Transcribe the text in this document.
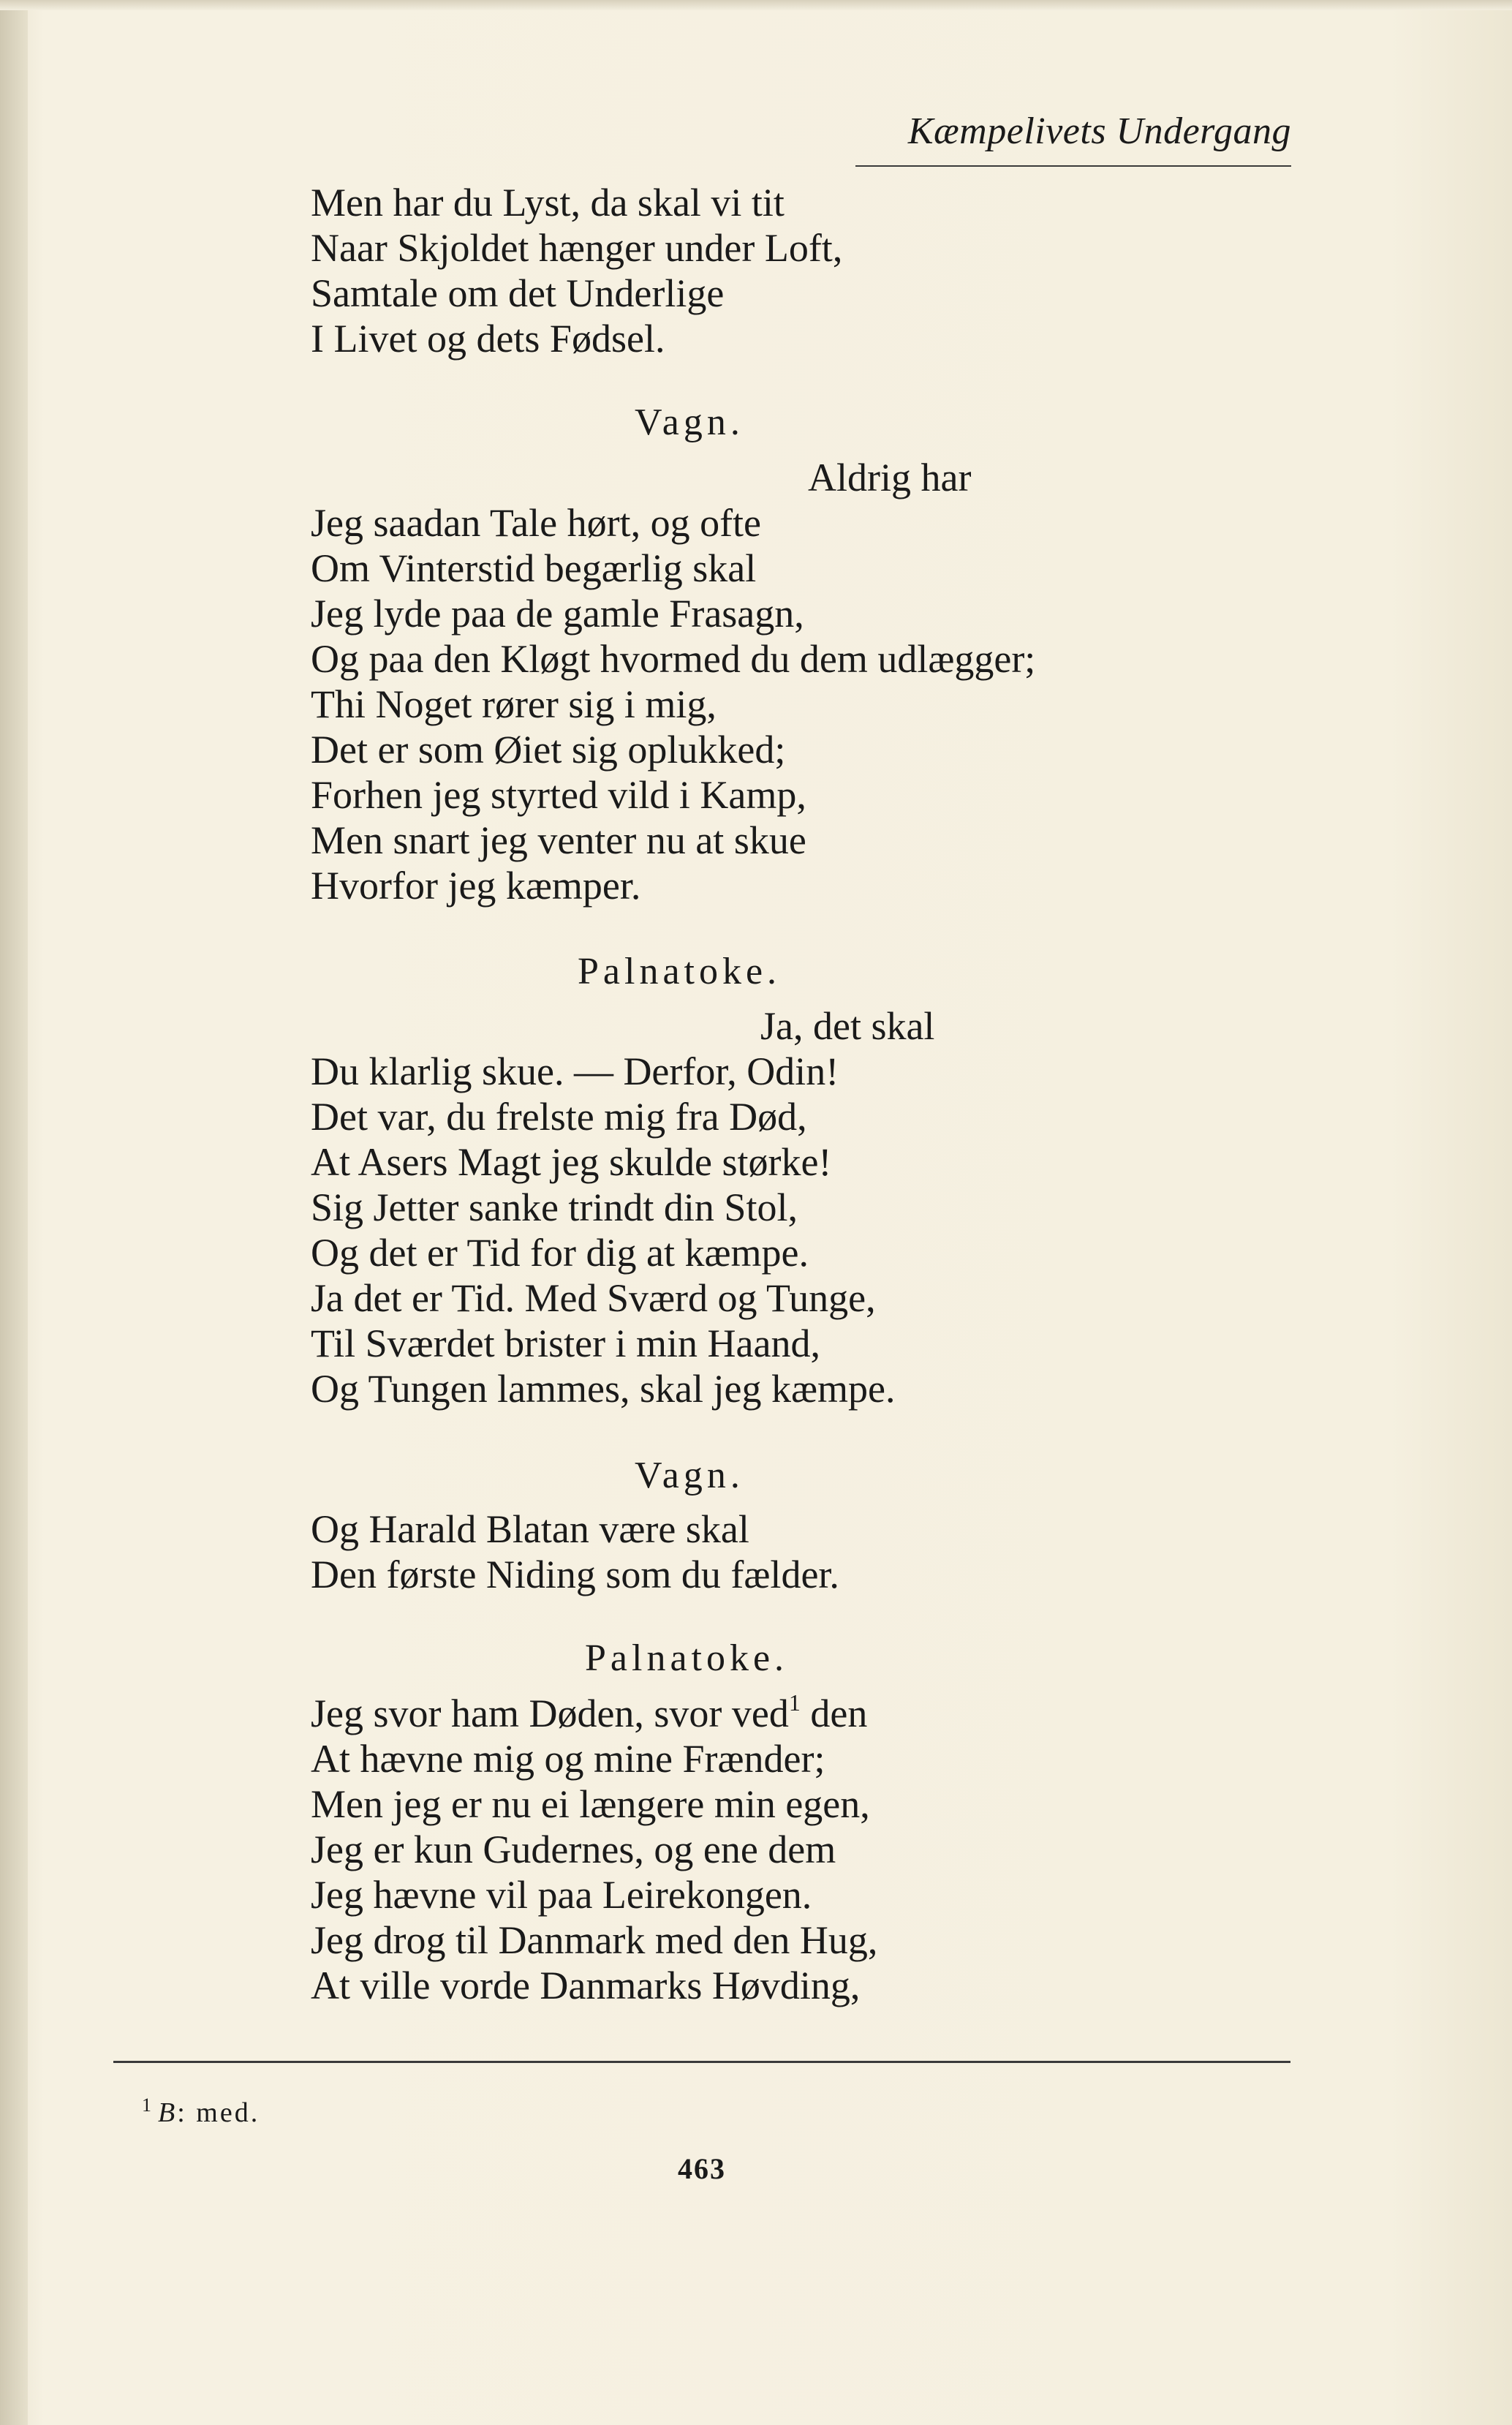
Kæmpelivets Undergang
Men har du Lyst, da skal vi tit
Naar Skjoldet hænger under Loft,
Samtale om det Underlige
I Livet og dets Fødsel.
Vagn.
Aldrig har
Jeg saadan Tale hørt, og ofte
Om Vinterstid begærlig skal
Jeg lyde paa de gamle Frasagn,
Og paa den Kløgt hvormed du dem udlægger;
Thi Noget rører sig i mig,
Det er som Øiet sig oplukked;
Forhen jeg styrted vild i Kamp,
Men snart jeg venter nu at skue
Hvorfor jeg kæmper.
Palnatoke.
Ja, det skal
Du klarlig skue. — Derfor, Odin!
Det var, du frelste mig fra Død,
At Asers Magt jeg skulde størke!
Sig Jetter sanke trindt din Stol,
Og det er Tid for dig at kæmpe.
Ja det er Tid. Med Sværd og Tunge,
Til Sværdet brister i min Haand,
Og Tungen lammes, skal jeg kæmpe.
Vagn.
Og Harald Blatan være skal
Den første Niding som du fælder.
Palnatoke.
Jeg svor ham Døden, svor ved$^1$ den
At hævne mig og mine Frænder;
Men jeg er nu ei længere min egen,
Jeg er kun Gudernes, og ene dem
Jeg hævne vil paa Leirekongen.
Jeg drog til Danmark med den Hug,
At ville vorde Danmarks Høvding,
$^1$ B: med.
463
